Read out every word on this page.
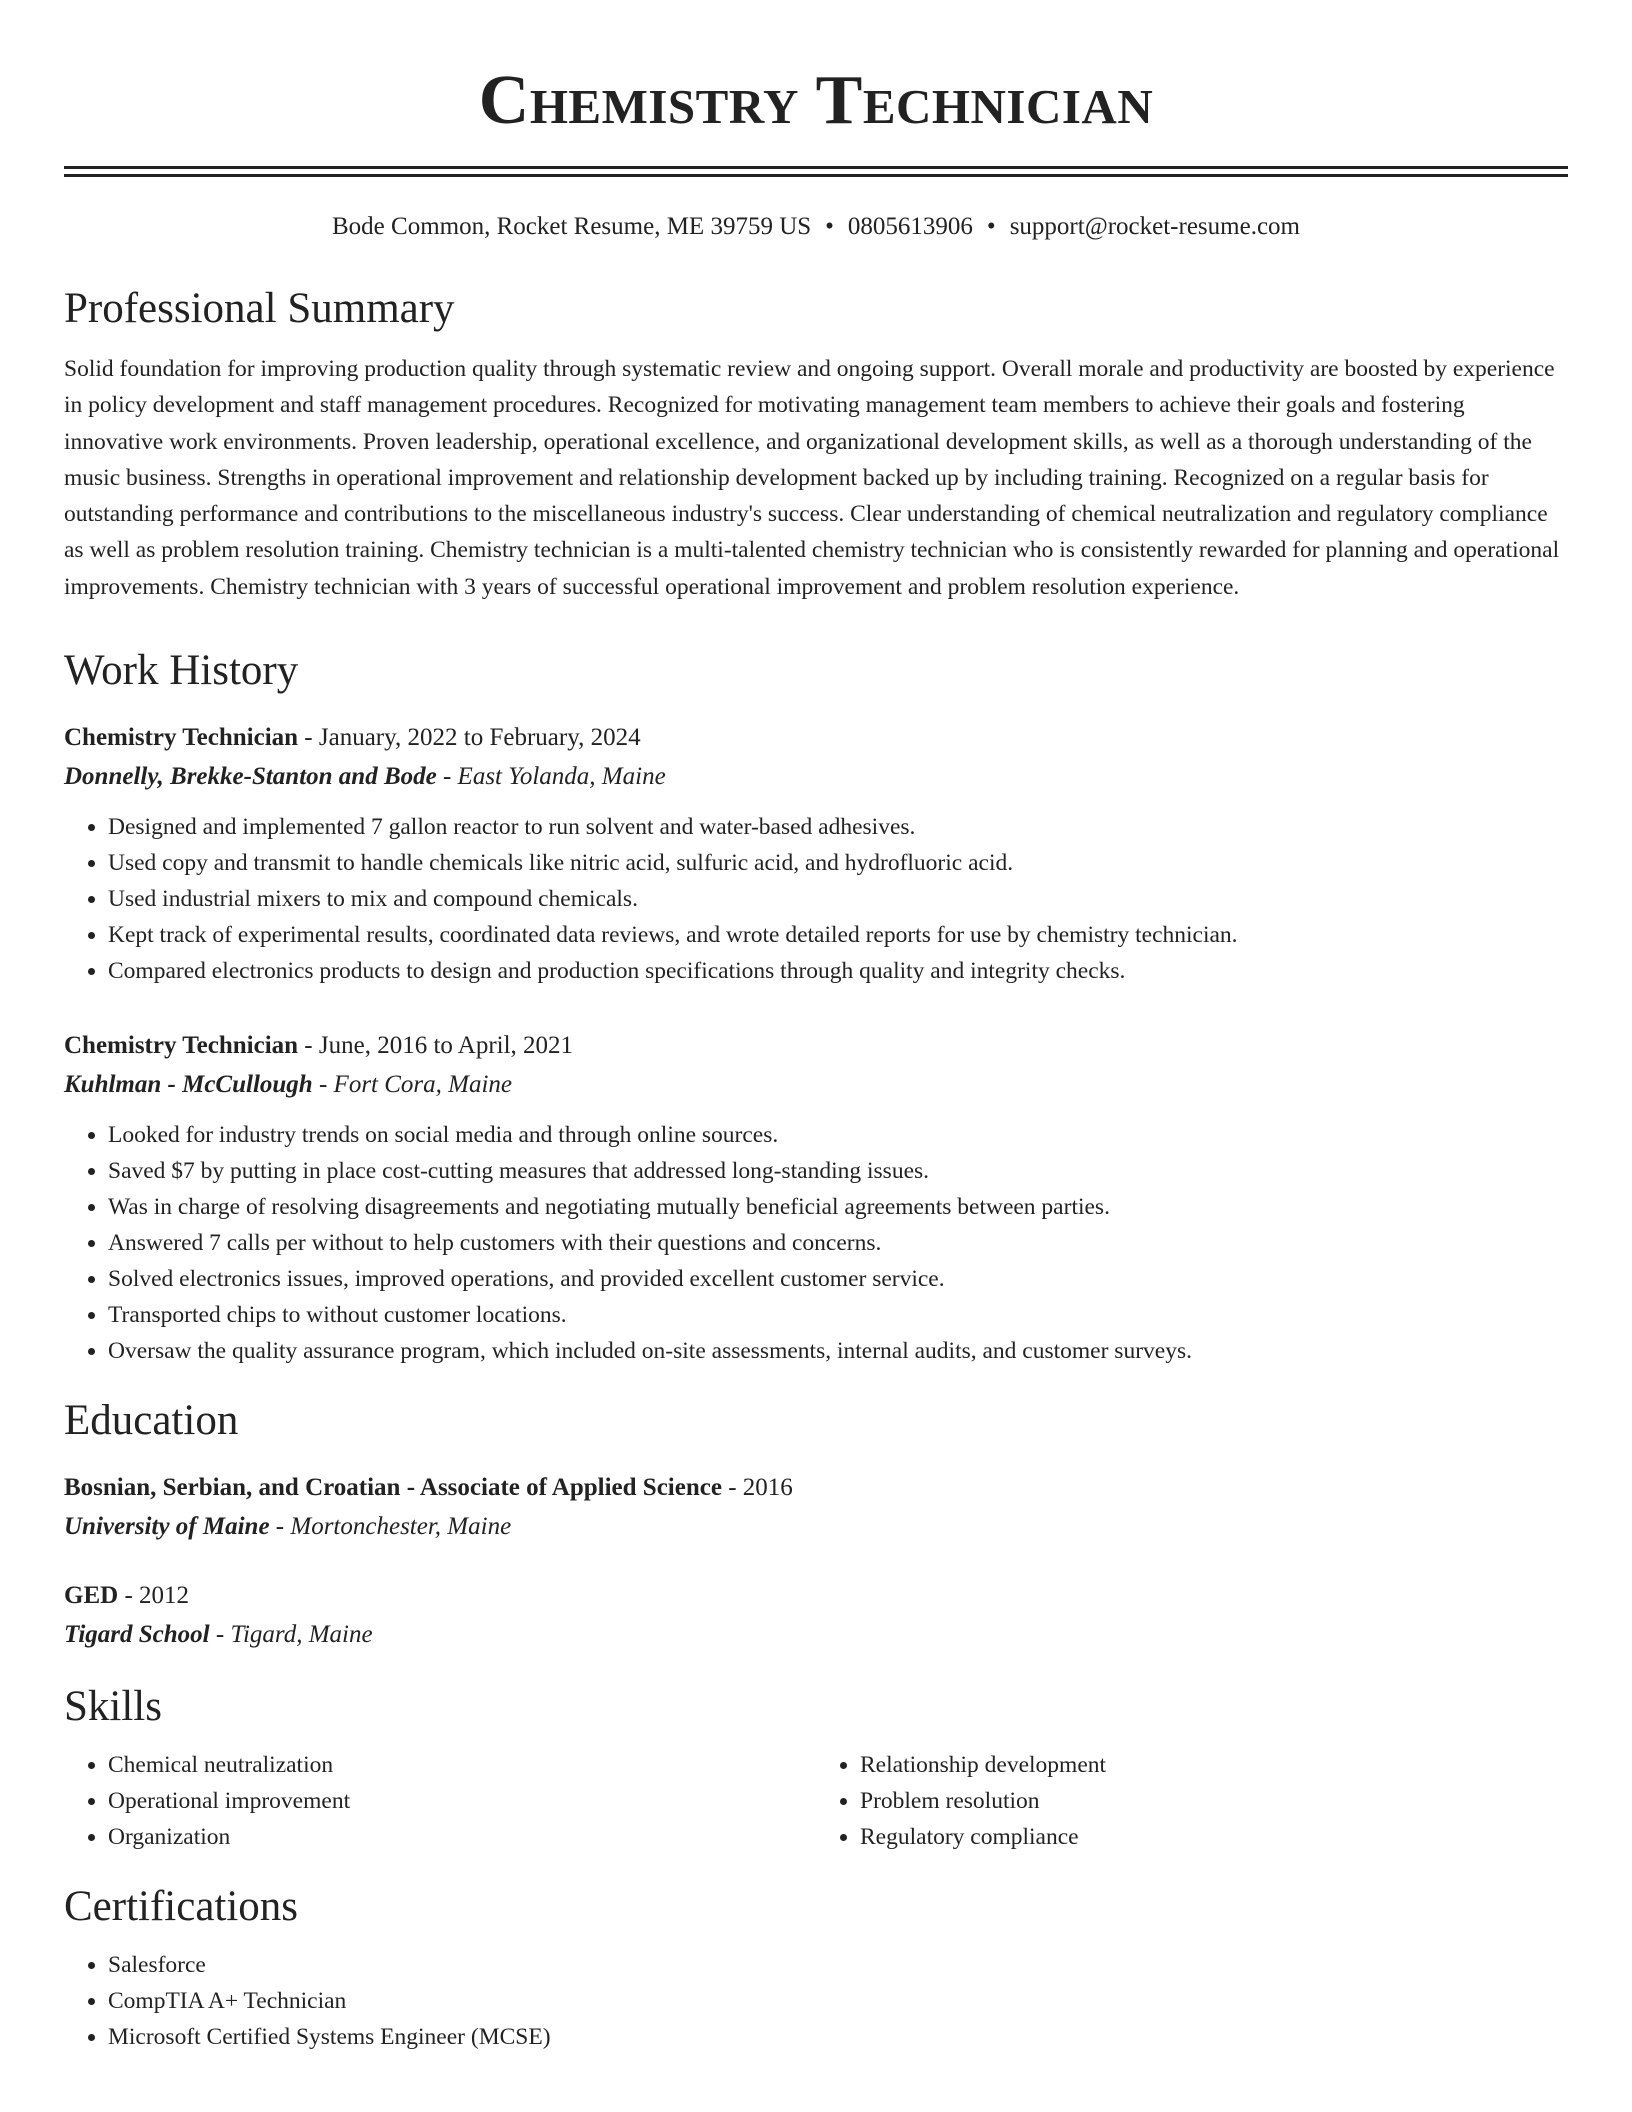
Chemistry Technician
Bode Common, Rocket Resume, ME 39759 US • 0805613906 • support@rocket-resume.com
Professional Summary
Solid foundation for improving production quality through systematic review and ongoing support. Overall morale and productivity are boosted by experience in policy development and staff management procedures. Recognized for motivating management team members to achieve their goals and fostering innovative work environments. Proven leadership, operational excellence, and organizational development skills, as well as a thorough understanding of the music business. Strengths in operational improvement and relationship development backed up by including training. Recognized on a regular basis for outstanding performance and contributions to the miscellaneous industry's success. Clear understanding of chemical neutralization and regulatory compliance as well as problem resolution training. Chemistry technician is a multi-talented chemistry technician who is consistently rewarded for planning and operational improvements. Chemistry technician with 3 years of successful operational improvement and problem resolution experience.
Work History
Chemistry Technician - January, 2022 to February, 2024
Donnelly, Brekke-Stanton and Bode - East Yolanda, Maine
• Designed and implemented 7 gallon reactor to run solvent and water-based adhesives.
• Used copy and transmit to handle chemicals like nitric acid, sulfuric acid, and hydrofluoric acid.
• Used industrial mixers to mix and compound chemicals.
• Kept track of experimental results, coordinated data reviews, and wrote detailed reports for use by chemistry technician.
• Compared electronics products to design and production specifications through quality and integrity checks.
Chemistry Technician - June, 2016 to April, 2021
Kuhlman - McCullough - Fort Cora, Maine
• Looked for industry trends on social media and through online sources.
• Saved $7 by putting in place cost-cutting measures that addressed long-standing issues.
• Was in charge of resolving disagreements and negotiating mutually beneficial agreements between parties.
• Answered 7 calls per without to help customers with their questions and concerns.
• Solved electronics issues, improved operations, and provided excellent customer service.
• Transported chips to without customer locations.
• Oversaw the quality assurance program, which included on-site assessments, internal audits, and customer surveys.
Education
Bosnian, Serbian, and Croatian - Associate of Applied Science - 2016
University of Maine - Mortonchester, Maine
GED - 2012
Tigard School - Tigard, Maine
Skills
• Chemical neutralization
• Operational improvement
• Organization
• Relationship development
• Problem resolution
• Regulatory compliance
Certifications
• Salesforce
• CompTIA A+ Technician
• Microsoft Certified Systems Engineer (MCSE)
